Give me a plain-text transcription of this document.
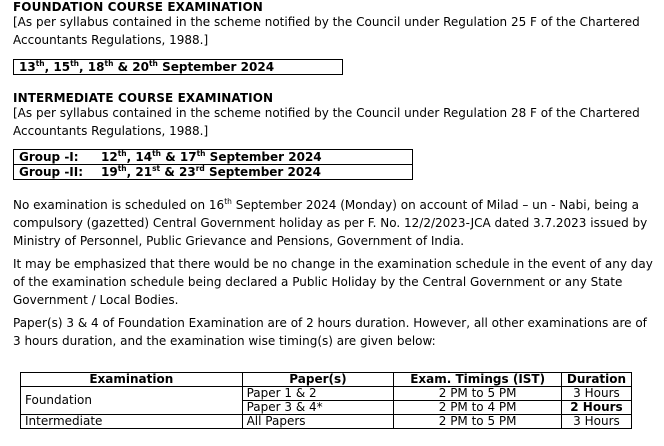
FOUNDATION COURSE EXAMINATION
[As per syllabus contained in the scheme notified by the Council under Regulation 25 F of the Chartered Accountants Regulations, 1988.]
13th, 15th, 18th & 20th September 2024
INTERMEDIATE COURSE EXAMINATION
[As per syllabus contained in the scheme notified by the Council under Regulation 28 F of the Chartered Accountants Regulations, 1988.]
Group -I: 12th, 14th & 17th September 2024
Group -II: 19th, 21st & 23rd September 2024
No examination is scheduled on 16th September 2024 (Monday) on account of Milad – un - Nabi, being a compulsory (gazetted) Central Government holiday as per F. No. 12/2/2023-JCA dated 3.7.2023 issued by Ministry of Personnel, Public Grievance and Pensions, Government of India.
It may be emphasized that there would be no change in the examination schedule in the event of any day of the examination schedule being declared a Public Holiday by the Central Government or any State Government / Local Bodies.
Paper(s) 3 & 4 of Foundation Examination are of 2 hours duration. However, all other examinations are of 3 hours duration, and the examination wise timing(s) are given below:
Examination	Paper(s)	Exam. Timings (IST)	Duration
Foundation	Paper 1 & 2	2 PM to 5 PM	3 Hours
	Paper 3 & 4*	2 PM to 4 PM	2 Hours
Intermediate	All Papers	2 PM to 5 PM	3 Hours
